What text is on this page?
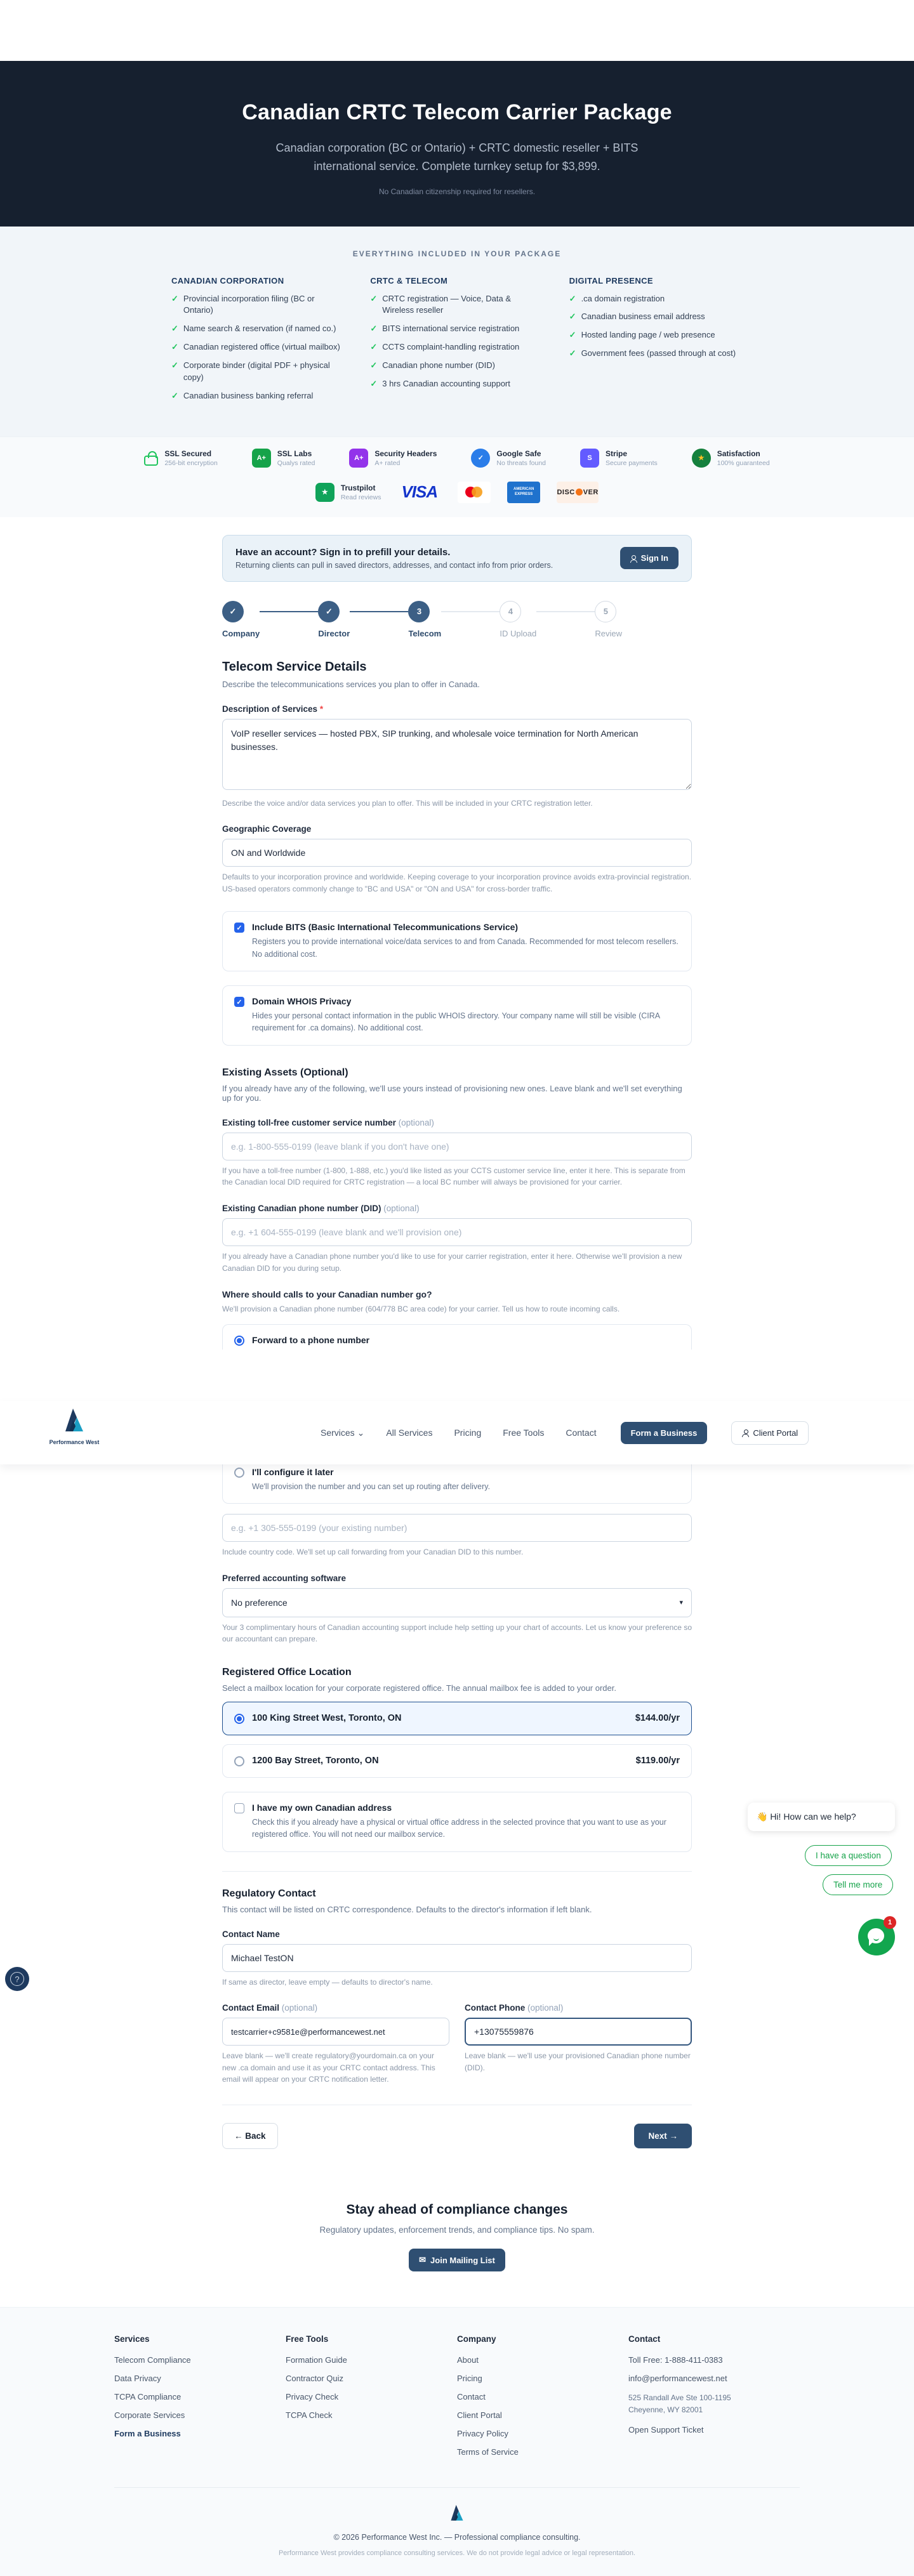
Canadian CRTC Telecom Carrier Package
Canadian corporation (BC or Ontario) + CRTC domestic reseller + BITS international service. Complete turnkey setup for $3,899.
No Canadian citizenship required for resellers.
EVERYTHING INCLUDED IN YOUR PACKAGE
CANADIAN CORPORATION
✓ Provincial incorporation filing (BC or Ontario)
✓ Name search & reservation (if named co.)
✓ Canadian registered office (virtual mailbox)
✓ Corporate binder (digital PDF + physical copy)
✓ Canadian business banking referral
CRTC & TELECOM
✓ CRTC registration — Voice, Data & Wireless reseller
✓ BITS international service registration
✓ CCTS complaint-handling registration
✓ Canadian phone number (DID)
✓ 3 hrs Canadian accounting support
DIGITAL PRESENCE
✓ .ca domain registration
✓ Canadian business email address
✓ Hosted landing page / web presence
✓ Government fees (passed through at cost)
SSL Secured
256-bit encryption
A+	SSL Labs
Qualys rated
A+	Security Headers
A+ rated
✓
Google Safe
No threats found
S	Stripe
Secure payments
★
Satisfaction
100% guaranteed
★
Trustpilot
Read reviews VISA	AMERICAN EXPRESS	DISC VER
Have an account? Sign in to prefill your details.

Returning clients can pull in saved directors, addresses, and contact info from prior orders.

Sign In
✓
Company
✓
Director
3
Telecom
4
ID Upload
5
Review
Telecom Service Details
Describe the telecommunications services you plan to offer in Canada.
Description of Services *
VoIP reseller services — hosted PBX, SIP trunking, and wholesale voice termination for North American businesses.
Describe the voice and/or data services you plan to offer. This will be included in your CRTC registration letter.
Geographic Coverage
ON and Worldwide
Defaults to your incorporation province and worldwide. Keeping coverage to your incorporation province avoids extra-provincial registration. US-based operators commonly change to "BC and USA" or "ON and USA" for cross-border traffic.
✓ Include BITS (Basic International Telecommunications Service)
Registers you to provide international voice/data services to and from Canada. Recommended for most telecom resellers. No additional cost.
✓ Domain WHOIS Privacy
Hides your personal contact information in the public WHOIS directory. Your company name will still be visible (CIRA requirement for .ca domains). No additional cost.
Existing Assets (Optional)
If you already have any of the following, we'll use yours instead of provisioning new ones. Leave blank and we'll set everything up for you.
Existing toll-free customer service number (optional)
e.g. 1-800-555-0199 (leave blank if you don't have one)
If you have a toll-free number (1-800, 1-888, etc.) you'd like listed as your CCTS customer service line, enter it here. This is separate from the Canadian local DID required for CRTC registration — a local BC number will always be provisioned for your carrier.
Existing Canadian phone number (DID) (optional)
e.g. +1 604-555-0199 (leave blank and we'll provision one)
If you already have a Canadian phone number you'd like to use for your carrier registration, enter it here. Otherwise we'll provision a new Canadian DID for you during setup.
Where should calls to your Canadian number go?
We'll provision a Canadian phone number (604/778 BC area code) for your carrier. Tell us how to route incoming calls.
Forward to a phone number
I'll configure it later
We'll provision the number and you can set up routing after delivery.
e.g. +1 305-555-0199 (your existing number)
Include country code. We'll set up call forwarding from your Canadian DID to this number.
Preferred accounting software
No preference	▾
Your 3 complimentary hours of Canadian accounting support include help setting up your chart of accounts. Let us know your preference so our accountant can prepare.
Registered Office Location
Select a mailbox location for your corporate registered office. The annual mailbox fee is added to your order.
100 King Street West, Toronto, ON	$144.00/yr
1200 Bay Street, Toronto, ON	$119.00/yr
I have my own Canadian address
Check this if you already have a physical or virtual office address in the selected province that you want to use as your registered office. You will not need our mailbox service.
Regulatory Contact
This contact will be listed on CRTC correspondence. Defaults to the director's information if left blank.
Contact Name
Michael TestON
If same as director, leave empty — defaults to director's name.
Contact Email (optional)
testcarrier+c9581e@performancewest.net
Leave blank — we'll create regulatory@yourdomain.ca on your new .ca domain and use it as your CRTC contact address. This email will appear on your CRTC notification letter.
Contact Phone (optional)
+13075559876
Leave blank — we'll use your provisioned Canadian phone number (DID).
← Back	Next →
Performance West
Services ⌄ All Services Pricing Free Tools Contact	Form a Business	Client Portal
Stay ahead of compliance changes

Regulatory updates, enforcement trends, and compliance tips. No spam.

✉ Join Mailing List
Services
Telecom Compliance
Data Privacy
TCPA Compliance
Corporate Services
Form a Business
Free Tools
Formation Guide
Contractor Quiz
Privacy Check
TCPA Check
Company
About
Pricing
Contact
Client Portal
Privacy Policy
Terms of Service
Contact
Toll Free: 1-888-411-0383
info@performancewest.net
525 Randall Ave Ste 100-1195
Cheyenne, WY 82001
Open Support Ticket
© 2026 Performance West Inc. — Professional compliance consulting.
Performance West provides compliance consulting services. We do not provide legal advice or legal representation.
👋 Hi! How can we help?
I have a question
Tell me more
1
?
